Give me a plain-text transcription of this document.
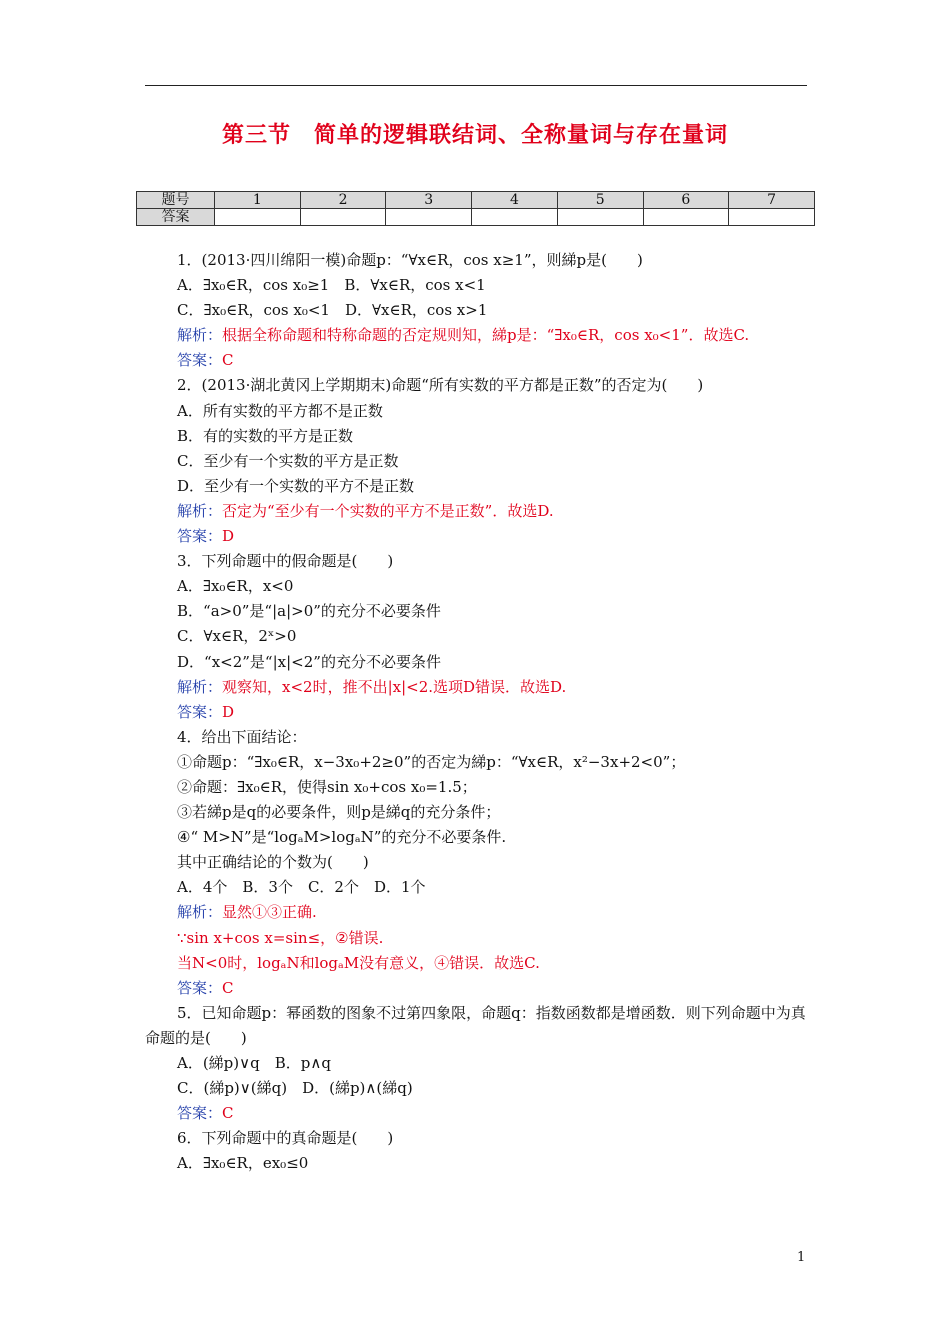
第三节　简单的逻辑联结词、全称量词与存在量词
题号	1	2	3	4	5	6	7
答案							
1．(2013·四川绵阳一模)命题p：“∀x∈R，cos x≥1”，则綈p是(　　)
A．∃x₀∈R，cos x₀≥1　B．∀x∈R，cos x<1
C．∃x₀∈R，cos x₀<1　D．∀x∈R，cos x>1
解析：根据全称命题和特称命题的否定规则知，綈p是：“∃x₀∈R，cos x₀<1”．故选C.
答案：C
2．(2013·湖北黄冈上学期期末)命题“所有实数的平方都是正数”的否定为(　　)
A．所有实数的平方都不是正数
B．有的实数的平方是正数
C．至少有一个实数的平方是正数
D．至少有一个实数的平方不是正数
解析：否定为“至少有一个实数的平方不是正数”．故选D.
答案：D
3．下列命题中的假命题是(　　)
A．∃x₀∈R，x<0
B．“a>0”是“|a|>0”的充分不必要条件
C．∀x∈R，2ˣ>0
D．“x<2”是“|x|<2”的充分不必要条件
解析：观察知，x<2时，推不出|x|<2.选项D错误．故选D.
答案：D
4．给出下面结论：
①命题p：“∃x₀∈R，x−3x₀+2≥0”的否定为綈p：“∀x∈R，x²−3x+2<0”；
②命题：∃x₀∈R，使得sin x₀+cos x₀=1.5；
③若綈p是q的必要条件，则p是綈q的充分条件；
④“ M>N”是“logₐM>logₐN”的充分不必要条件.
其中正确结论的个数为(　　)
A．4个　B．3个　C．2个　D．1个
解析：显然①③正确.
∵sin x+cos x=sin≤，②错误.
当N<0时，logₐN和logₐM没有意义，④错误．故选C.
答案：C
5．已知命题p：幂函数的图象不过第四象限，命题q：指数函数都是增函数．则下列命题中为真命题的是(　　)
A．(綈p)∨q　B．p∧q
C．(綈p)∨(綈q)　D．(綈p)∧(綈q)
答案：C
6．下列命题中的真命题是(　　)
A．∃x₀∈R，ex₀≤0
1
